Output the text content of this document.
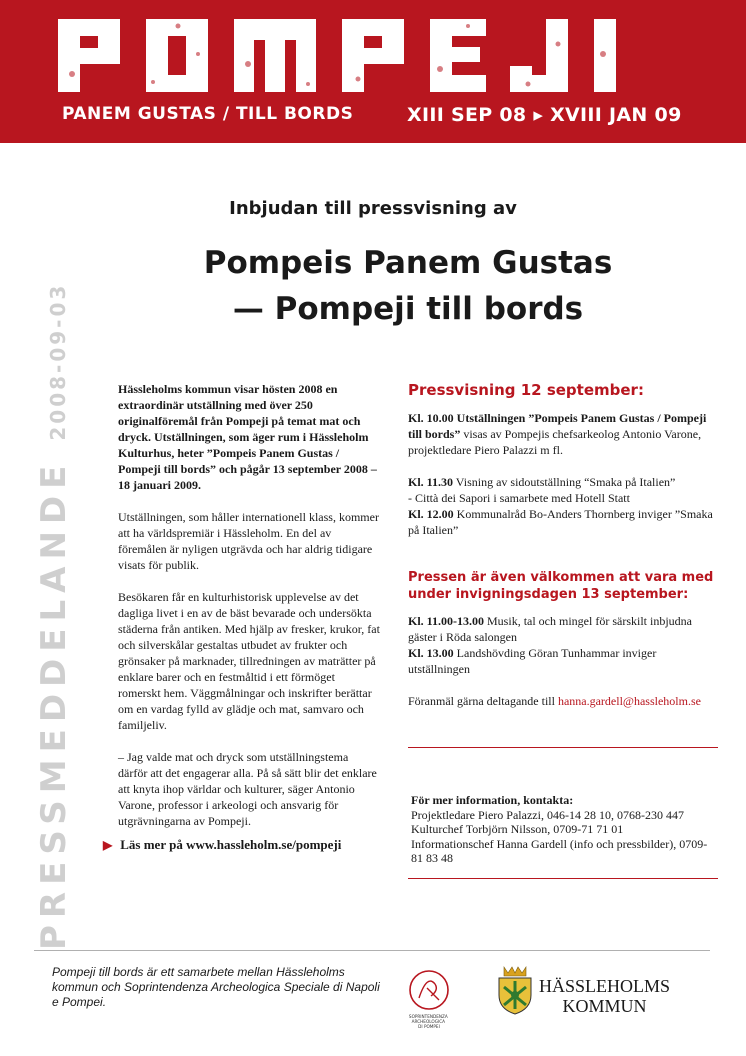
PANEM GUSTAS / TILL BORDS	XIII SEP 08 ▸ XVIII JAN 09
PRESSMEDDELANDE2008-09-03
Inbjudan till pressvisning av
Pompeis Panem Gustas
— Pompeji till bords

Hässleholms kommun visar hösten 2008 en extraordinär utställning med över 250 originalföremål från Pompeji på temat mat och dryck. Utställningen, som äger rum i Hässleholm Kulturhus, heter ”Pompeis Panem Gustas / Pompeji till bords” och pågår 13 september 2008 – 18 januari 2009.

Utställningen, som håller internationell klass, kommer att ha världspremiär i Hässleholm. En del av föremålen är nyligen utgrävda och har aldrig tidigare visats för publik.

Besökaren får en kulturhistorisk upplevelse av det dagliga livet i en av de bäst bevarade och undersökta städerna från antiken. Med hjälp av fresker, krukor, fat och silverskålar gestaltas utbudet av frukter och grönsaker på marknader, tillredningen av maträtter på enklare barer och en festmåltid i ett förmöget romerskt hem. Väggmålningar och inskrifter berättar om en vardag fylld av glädje och mat, samvaro och familjeliv.

– Jag valde mat och dryck som utställningstema därför att det engagerar alla. På så sätt blir det enklare att knyta ihop världar och kulturer, säger Antonio Varone, professor i arkeologi och ansvarig för utgrävningarna av Pompeji.

▶ Läs mer på www.hassleholm.se/pompeji
Pressvisning 12 september:

Kl. 10.00 Utställningen ”Pompeis Panem Gustas / Pompeji till bords” visas av Pompejis chefsarkeolog Antonio Varone, projektledare Piero Palazzi m fl.

Kl. 11.30 Visning av sidoutställning “Smaka på Italien”
- Città dei Sapori i samarbete med Hotell Statt

Kl. 12.00 Kommunalråd Bo-Anders Thornberg inviger ”Smaka på Italien”

Pressen är även välkommen att vara med under invigningsdagen 13 september:
Kl. 11.00-13.00 Musik, tal och mingel för särskilt inbjudna gäster i Röda salongen

Kl. 13.00 Landshövding Göran Tunhammar inviger utställningen

Föranmäl gärna deltagande till hanna.gardell@hassleholm.se
För mer information, kontakta:
Projektledare Piero Palazzi, 046-14 28 10, 0768-230 447
Kulturchef Torbjörn Nilsson, 0709-71 71 01
Informationschef Hanna Gardell (info och pressbilder), 0709-81 83 48
Pompeji till bords är ett samarbete mellan Hässleholms kommun och Soprintendenza Archeologica Speciale di Napoli e Pompei.
SOPRINTENDENZA ARCHEOLOGICA DI POMPEI
HÄSSLEHOLMS
KOMMUN
